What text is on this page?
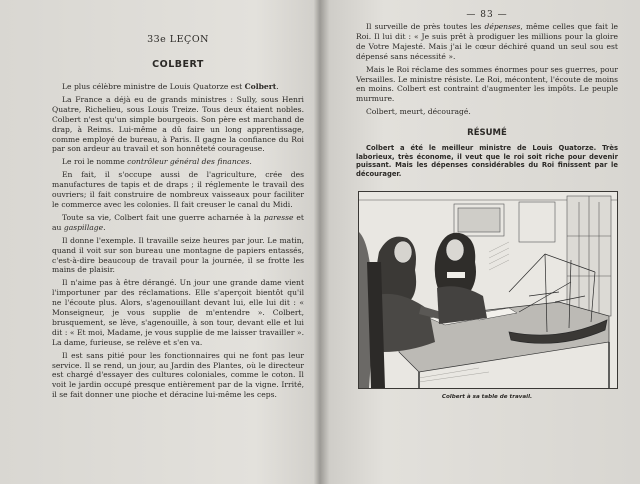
33e LEÇON
COLBERT

Le plus célèbre ministre de Louis Quatorze est Colbert.

La France a déjà eu de grands ministres : Sully, sous Henri Quatre, Richelieu, sous Louis Treize. Tous deux étaient nobles. Colbert n'est qu'un simple bourgeois. Son père est marchand de drap, à Reims. Lui-même a dû faire un long apprentissage, comme employé de bureau, à Paris. Il gagne la confiance du Roi par son ardeur au travail et son honnêteté courageuse.

Le roi le nomme contrôleur général des finances.

En fait, il s'occupe aussi de l'agriculture, crée des manufactures de tapis et de draps ; il réglemente le travail des ouvriers; il fait construire de nombreux vaisseaux pour faciliter le commerce avec les colonies. Il fait creuser le canal du Midi.

Toute sa vie, Colbert fait une guerre acharnée à la paresse et au gaspillage.

Il donne l'exemple. Il travaille seize heures par jour. Le matin, quand il voit sur son bureau une montagne de papiers entassés, c'est-à-dire beaucoup de travail pour la journée, il se frotte les mains de plaisir.

Il n'aime pas à être dérangé. Un jour une grande dame vient l'importuner par des réclamations. Elle s'aperçoit bientôt qu'il ne l'écoute plus. Alors, s'agenouillant devant lui, elle lui dit : « Monseigneur, je vous supplie de m'entendre ». Colbert, brusquement, se lève, s'agenouille, à son tour, devant elle et lui dit : « Et moi, Madame, je vous supplie de me laisser travailler ». La dame, furieuse, se relève et s'en va.

Il est sans pitié pour les fonctionnaires qui ne font pas leur service. Il se rend, un jour, au Jardin des Plantes, où le directeur est chargé d'essayer des cultures coloniales, comme le coton. Il voit le jardin occupé presque entièrement par de la vigne. Irrité, il se fait donner une pioche et déracine lui-même les ceps.

— 83 —

Il surveille de près toutes les dépenses, même celles que fait le Roi. Il lui dit : « Je suis prêt à prodiguer les millions pour la gloire de Votre Majesté. Mais j'ai le cœur déchiré quand un seul sou est dépensé sans nécessité ».

Mais le Roi réclame des sommes énormes pour ses guerres, pour Versailles. Le ministre résiste. Le Roi, mécontent, l'écoute de moins en moins. Colbert est contraint d'augmenter les impôts. Le peuple murmure.

Colbert, meurt, découragé.

RÉSUMÉ

Colbert a été le meilleur ministre de Louis Quatorze. Très laborieux, très économe, il veut que le roi soit riche pour devenir puissant. Mais les dépenses considérables du Roi finissent par le décourager.

Colbert à sa table de travail.
